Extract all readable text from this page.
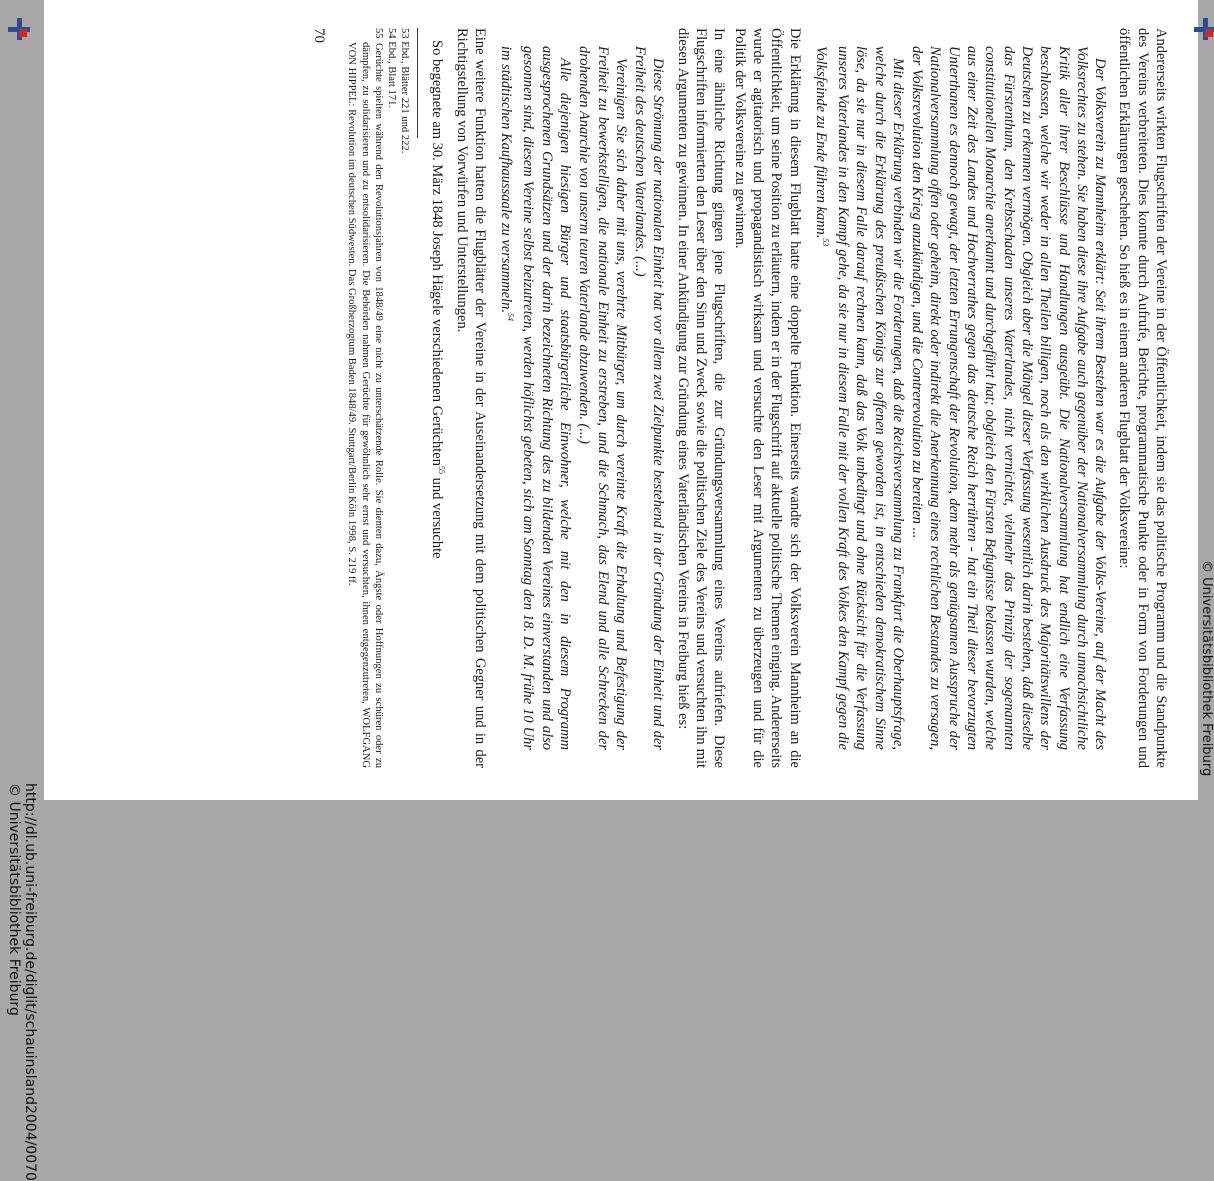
Andererseits wirkten Flugschriften der Vereine in der Öffentlichkeit, indem sie das politische Programm und die Standpunkte des Vereins verbreiteten. Dies konnte durch Aufrufe, Berichte, programmatische Punkte oder in Form von Forderungen und öffentlichen Erklärungen geschehen. So hieß es in einem anderen Flugblatt der Volksvereine:

Der Volksverein zu Mannheim erklärt: Seit ihrem Bestehen war es die Aufgabe der Volks-Vereine, auf der Macht des Volksrechtes zu stehen. Sie haben diese ihre Aufgabe auch gegenüber der Nationalversammlung durch unnachsichtliche Kritik aller ihrer Beschlüsse und Handlungen ausgeübt. Die Nationalversammlung hat endlich eine Verfassung beschlossen, welche wir weder in allen Theilen billigen, noch als den wirklichen Ausdruck des Majoritätswillens der Deutschen zu erkennen vermögen. Obgleich aber die Mängel dieser Verfassung wesentlich darin bestehen, daß dieselbe das Fürstenthum, den Krebsschaden unseres Vaterlandes, nicht vernichtet, vielmehr das Prinzip der sogenannten constitutionellen Monarchie anerkannt und durchgeführt hat; obgleich den Fürsten Befugnisse belassen wurden, welche aus einer Zeit des Landes und Hochverrathes gegen das deutsche Reich herrühren - hat ein Theil dieser bevorzugten Unterthanen es dennoch gewagt, der letzten Errungenschaft der Revolution, dem mehr als genügsamen Ausspruche der Nationalversammlung offen oder geheim, direkt oder indirekt die Anerkennung eines rechtlichen Bestandes zu versagen, der Volksrevolution den Krieg anzukündigen, und die Contrerevolution zu bereiten ...

Mit dieser Erklärung verbinden wir die Forderungen, daß die Reichsversammlung zu Frankfurt die Oberhauptsfrage, welche durch die Erklärung des preußischen Königs zur offenen geworden ist, in entschieden demokratischem Sinne löse, da sie nur in diesem Falle darauf rechnen kann, daß das Volk unbedingt und ohne Rücksicht für die Verfassung unseres Vaterlandes in den Kampf gehe, da sie nur in diesem Falle mit der vollen Kraft des Volkes den Kampf gegen die Volksfeinde zu Ende führen kann.$^{53}$

Die Erklärung in diesem Flugblatt hatte eine doppelte Funktion. Einerseits wandte sich der Volksverein Mannheim an die Öffentlichkeit, um seine Position zu erläutern, indem er in der Flugschrift auf aktuelle politische Themen einging. Andererseits wurde er agitatorisch und propagandistisch wirksam und versuchte den Leser mit Argumenten zu überzeugen und für die Politik der Volksvereine zu gewinnen.

In eine ähnliche Richtung gingen jene Flugschriften, die zur Gründungsversammlung eines Vereins aufriefen. Diese Flugschriften informierten den Leser über den Sinn und Zweck sowie die politischen Ziele des Vereins und versuchten ihn mit diesen Argumenten zu gewinnen. In einer Ankündigung zur Gründung eines Vaterländischen Vereins in Freiburg hieß es:

Diese Strömung der nationalen Einheit hat vor allem zwei Zielpunkte bestehend in der Gründung der Einheit und der Freiheit des deutschen Vaterlandes. (...)

Vereinigen Sie sich daher mit uns, verehrte Mitbürger, um durch vereinte Kraft die Erhaltung und Befestigung der Freiheit zu bewerkstelligen, die nationale Einheit zu erstreben, und die Schmach, das Elend und alle Schrecken der drohenden Anarchie von unserm teuren Vaterlande abzuwenden. (...)

Alle diejenigen hiesigen Bürger und staatsbürgerliche Einwohner, welche mit den in diesem Programm ausgesprochenen Grundsätzen und der darin bezeichneten Richtung des zu bildenden Vereines einverstanden und also gesonnen sind, diesem Vereine selbst beizutreten, werden höflichst gebeten, sich am Sonntag den 18. D. M. frühe 10 Uhr im städtischen Kaufhaussaale zu versammeln.$^{54}$

Eine weitere Funktion hatten die Flugblätter der Vereine in der Auseinandersetzung mit dem politischen Gegner und in der Richtigstellung von Vorwürfen und Unterstellungen.

So begegnete am 30. März 1848 Joseph Hägele verschiedenen Gerüchten$^{55}$ und versuchte

53 Ebd., Blätter 221 und 222.

54 Ebd., Blatt 171.

55 Gerüchte spielten während den Revolutionsjahren von 1848/49 eine nicht zu unterschätzende Rolle. Sie dienten dazu, Ängste oder Hoffnungen zu schüren oder zu dämpfen, zu solidarisieren und zu entsolidarisieren. Die Behörden nahmen Gerüchte für gewöhnlich sehr ernst und versuchten, ihnen entgegenzutreten, WOLFGANG VON HIPPEL: Revolution im deutschen Südwesten. Das Großherzogtum Baden 1848/49. Stuttgart/Berlin Köln 1998, S. 219 ff.

70
http://dl.ub.uni-freiburg.de/diglit/schauinsland2004/0070
© Universitätsbibliothek Freiburg
© Universitätsbibliothek Freiburg
